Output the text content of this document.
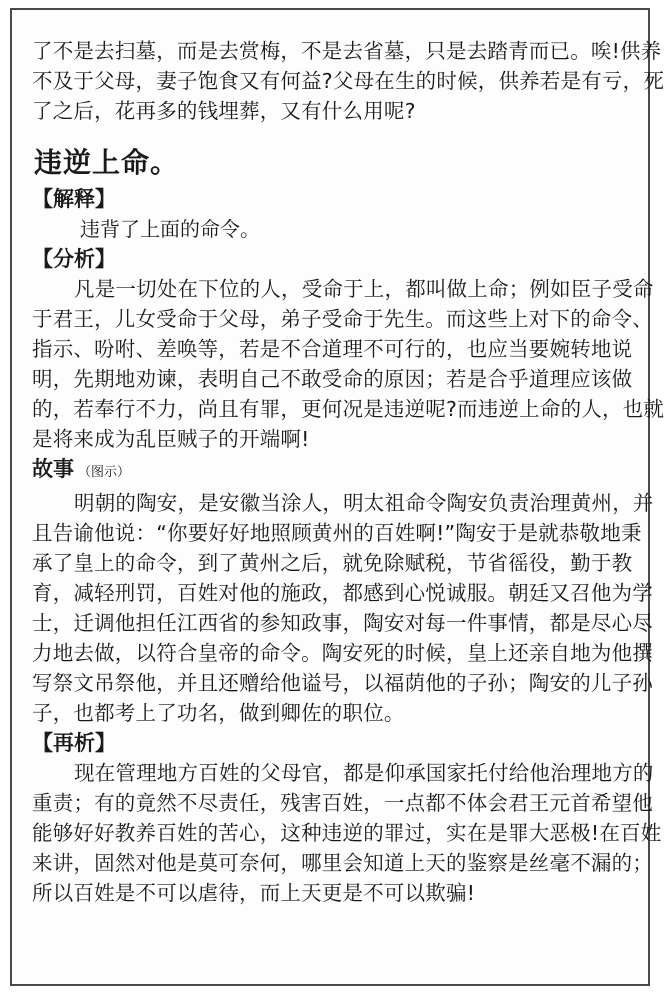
了不是去扫墓，而是去赏梅，不是去省墓，只是去踏青而已。唉!供养
不及于父母，妻子饱食又有何益?父母在生的时候，供养若是有亏，死
了之后，花再多的钱埋葬，又有什么用呢?
违逆上命。
【解释】
违背了上面的命令。
【分析】
凡是一切处在下位的人，受命于上，都叫做上命；例如臣子受命
于君王，儿女受命于父母，弟子受命于先生。而这些上对下的命令、
指示、吩咐、差唤等，若是不合道理不可行的，也应当要婉转地说
明，先期地劝谏，表明自己不敢受命的原因；若是合乎道理应该做
的，若奉行不力，尚且有罪，更何况是违逆呢?而违逆上命的人，也就
是将来成为乱臣贼子的开端啊!
故事 （图示）
明朝的陶安，是安徽当涂人，明太祖命令陶安负责治理黄州，并
且告谕他说：“你要好好地照顾黄州的百姓啊!”陶安于是就恭敬地秉
承了皇上的命令，到了黄州之后，就免除赋税，节省徭役，勤于教
育，减轻刑罚，百姓对他的施政，都感到心悦诚服。朝廷又召他为学
士，迁调他担任江西省的参知政事，陶安对每一件事情，都是尽心尽
力地去做，以符合皇帝的命令。陶安死的时候，皇上还亲自地为他撰
写祭文吊祭他，并且还赠给他谥号，以福荫他的子孙；陶安的儿子孙
子，也都考上了功名，做到卿佐的职位。
【再析】
现在管理地方百姓的父母官，都是仰承国家托付给他治理地方的
重责；有的竟然不尽责任，残害百姓，一点都不体会君王元首希望他
能够好好教养百姓的苦心，这种违逆的罪过，实在是罪大恶极!在百姓
来讲，固然对他是莫可奈何，哪里会知道上天的鉴察是丝毫不漏的；
所以百姓是不可以虐待，而上天更是不可以欺骗!
